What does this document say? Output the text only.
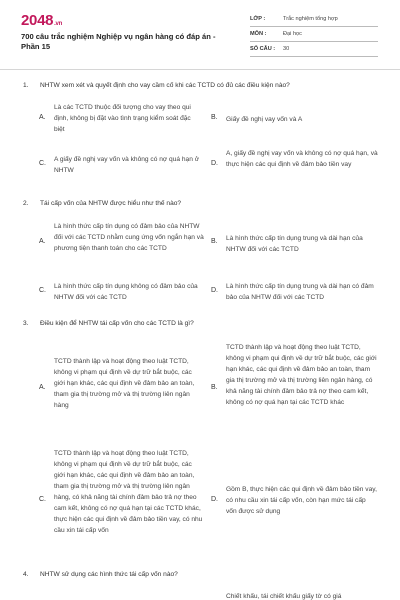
2048.vn
700 câu trắc nghiệm Nghiệp vụ ngân hàng có đáp án - Phần 15
LỚP :	Trắc nghiệm tổng hợp
MÔN :	Đại học
SỐ CÂU :	30
1. NHTW xem xét và quyết định cho vay cầm cố khi các TCTD có đủ các điều kiện nào?
A.
Là các TCTD thuộc đối tượng cho vay theo qui định, không bị đặt vào tình trạng kiểm soát đặc biệt
B. Giấy đề nghị vay vốn và A
C.
A giấy đề nghị vay vốn và không có nợ quá hạn ở NHTW
D.
A, giấy đề nghị vay vốn và không có nợ quá hạn, và thực hiện các qui định về đảm bảo tiền vay
2. Tái cấp vốn của NHTW được hiểu như thế nào?
A.
Là hình thức cấp tín dụng có đảm bảo của NHTW đối với các TCTD nhằm cung ứng vốn ngắn hạn và phương tiện thanh toán cho các TCTD
B. Là hình thức cấp tín dụng trung và dài hạn của NHTW đối với các TCTD
C.
Là hình thức cấp tín dụng không có đảm bảo của NHTW đối với các TCTD
D.
Là hình thức cấp tín dụng trung và dài hạn có đảm bảo của NHTW đối với các TCTD
3. Điều kiện để NHTW tái cấp vốn cho các TCTD là gì?
A.
TCTD thành lập và hoạt động theo luật TCTD, không vi phạm qui định về dự trữ bắt buộc, các giới hạn khác, các qui định về đảm bảo an toàn, tham gia thị trường mở và thị trường liên ngân hàng
B.
TCTD thành lập và hoạt động theo luật TCTD, không vi phạm qui định về dự trữ bắt buộc, các giới hạn khác, các qui định về đảm bảo an toàn, tham gia thị trường mở và thị trường liên ngân hàng, có khả năng tài chính đảm bảo trả nợ theo cam kết, không có nợ quá hạn tại các TCTD khác
C.
TCTD thành lập và hoạt động theo luật TCTD, không vi phạm qui định về dự trữ bắt buộc, các giới hạn khác, các qui định về đảm bảo an toàn, tham gia thị trường mở và thị trường liên ngân hàng, có khả năng tài chính đảm bảo trả nợ theo cam kết, không có nợ quá hạn tại các TCTD khác, thực hiện các qui định về đảm bảo tiền vay, có nhu cầu xin tái cấp vốn
D.
Gồm B, thực hiện các qui định về đảm bảo tiền vay, có nhu cầu xin tái cấp vốn, còn hạn mức tái cấp vốn được sử dụng
4. NHTW sử dụng các hình thức tái cấp vốn nào?
Chiết khấu, tái chiết khấu giấy tờ có giá
